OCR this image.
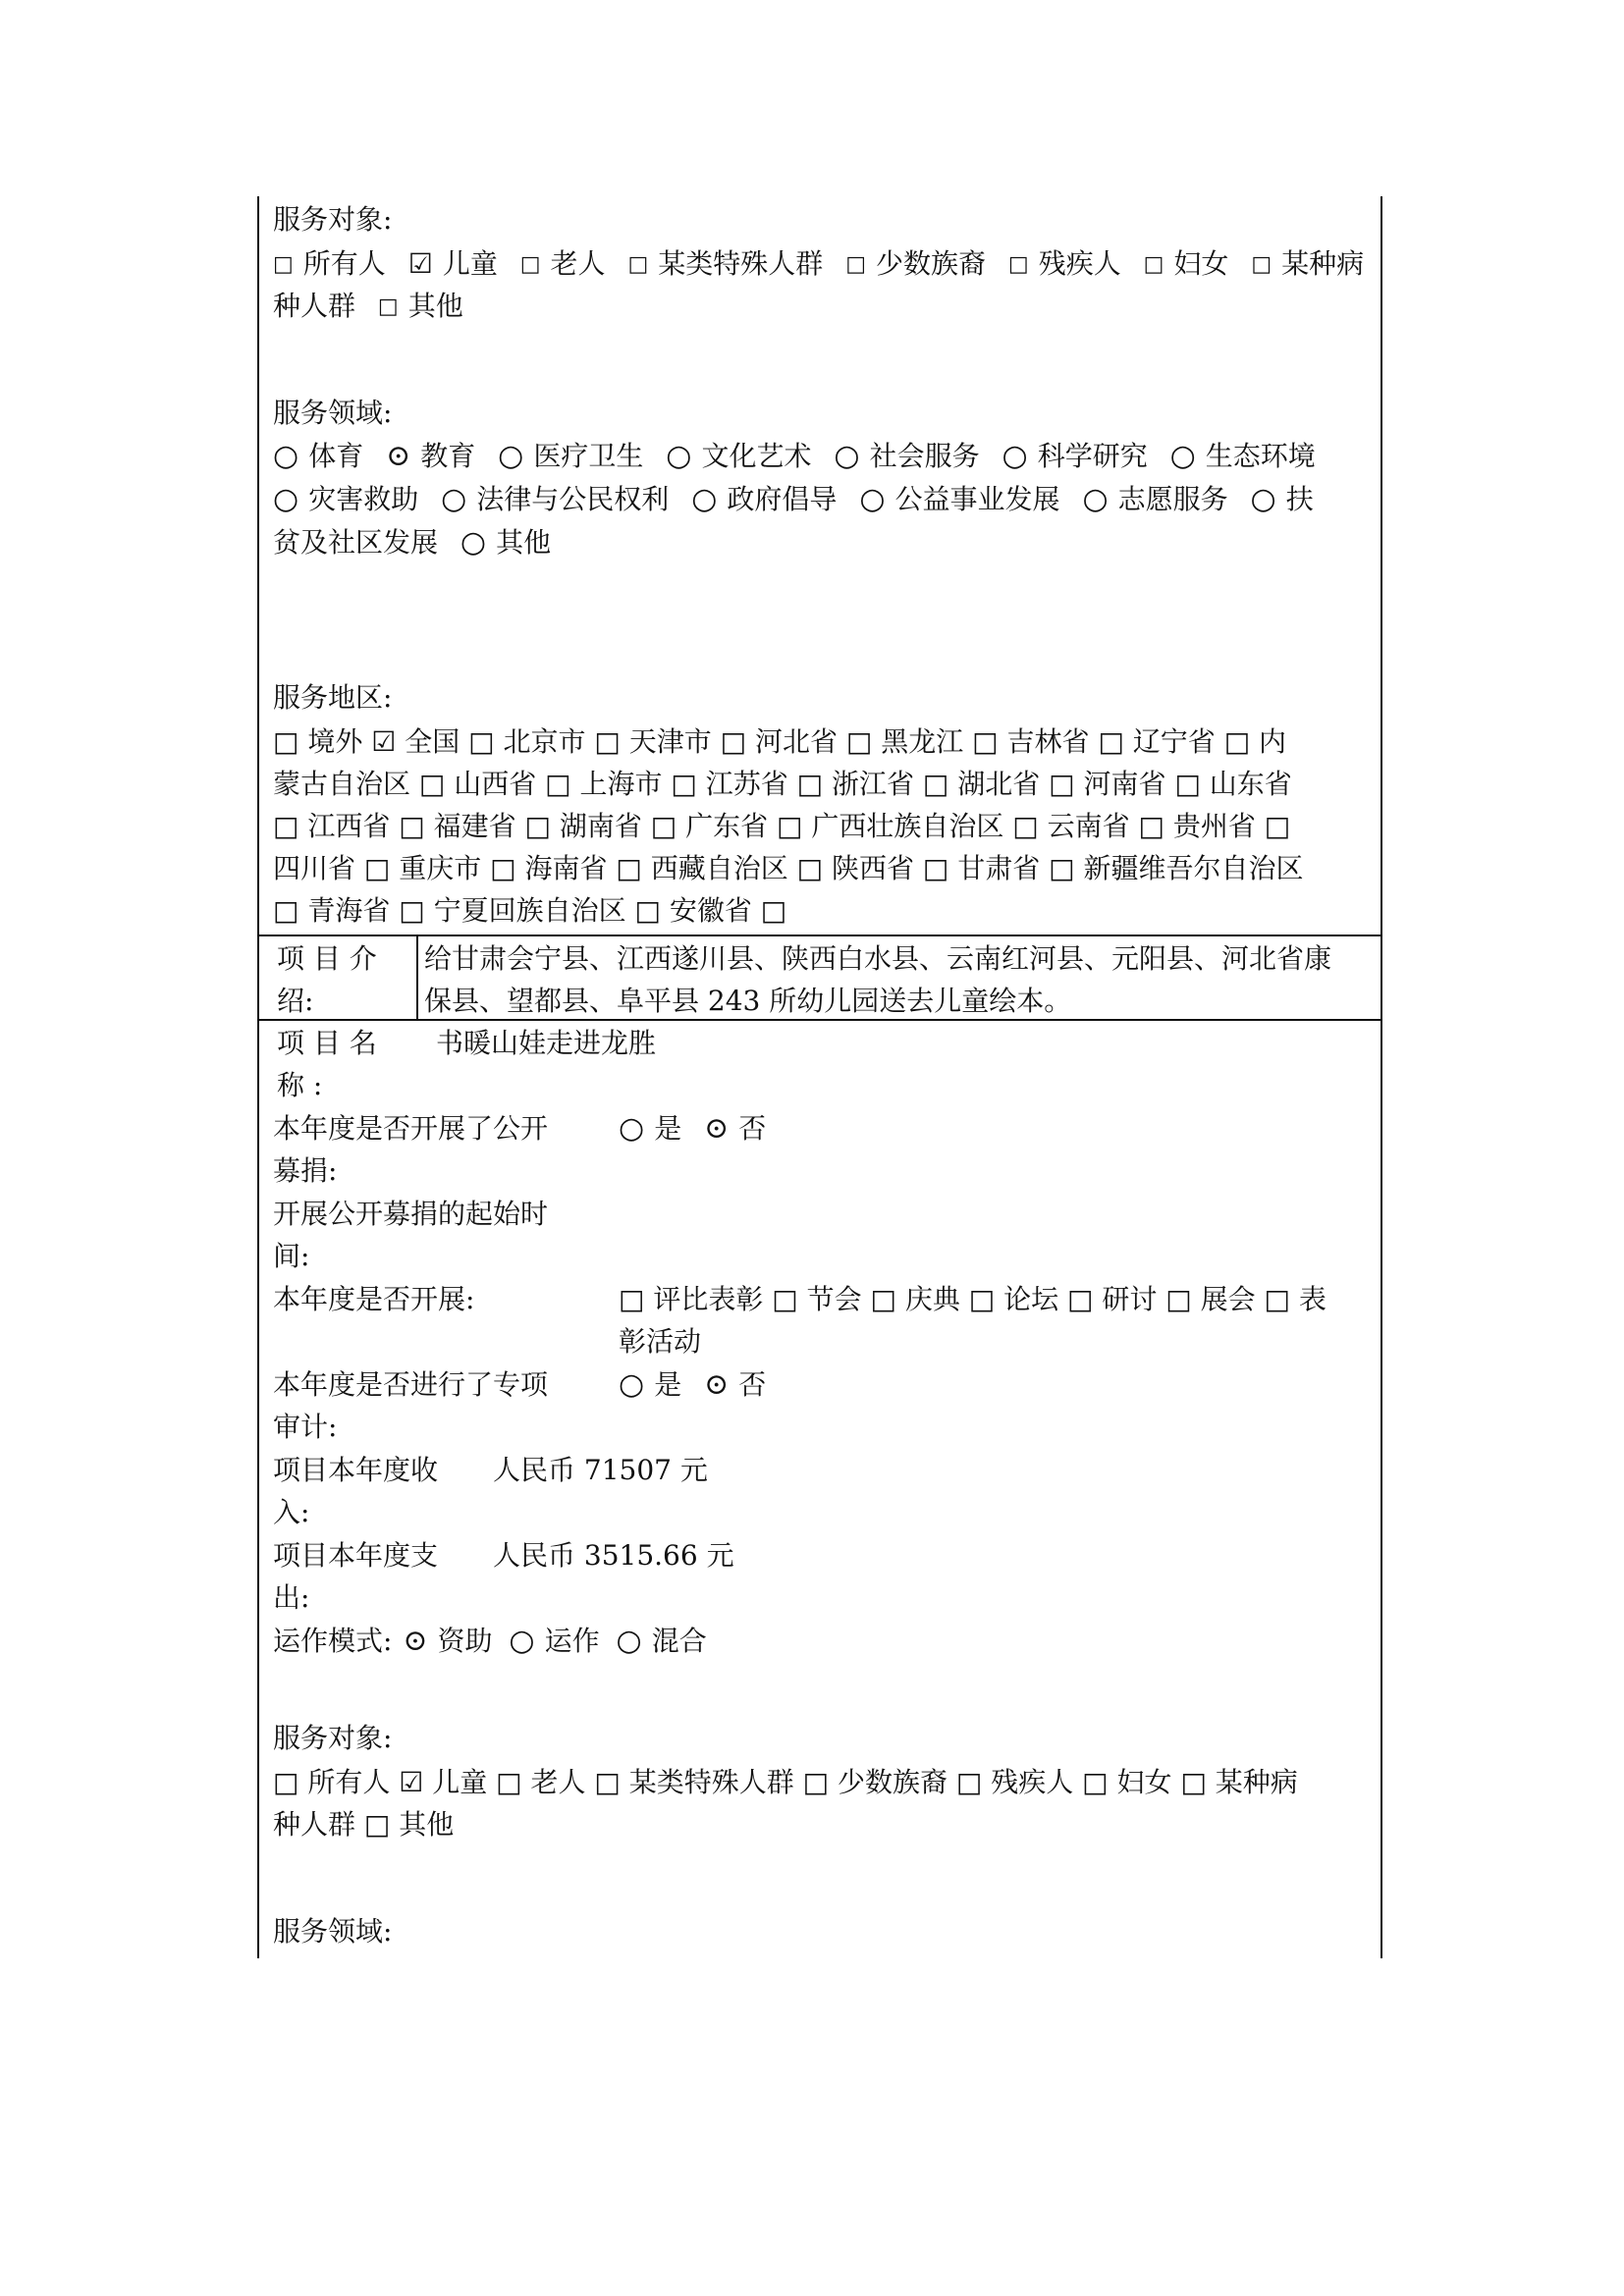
服务对象:
□ 所有人 ☑ 儿童 □ 老人 □ 某类特殊人群 □ 少数族裔 □ 残疾人 □ 妇女 □ 某种病
种人群 □ 其他
服务领域:
○ 体育 ⊙ 教育 ○ 医疗卫生 ○ 文化艺术 ○ 社会服务 ○ 科学研究 ○ 生态环境
○ 灾害救助 ○ 法律与公民权利 ○ 政府倡导 ○ 公益事业发展 ○ 志愿服务 ○ 扶
贫及社区发展 ○ 其他
服务地区:
□ 境外 ☑ 全国 □ 北京市 □ 天津市 □ 河北省 □ 黑龙江 □ 吉林省 □ 辽宁省 □ 内
蒙古自治区 □ 山西省 □ 上海市 □ 江苏省 □ 浙江省 □ 湖北省 □ 河南省 □ 山东省
□ 江西省 □ 福建省 □ 湖南省 □ 广东省 □ 广西壮族自治区 □ 云南省 □ 贵州省 □
四川省 □ 重庆市 □ 海南省 □ 西藏自治区 □ 陕西省 □ 甘肃省 □ 新疆维吾尔自治区
□ 青海省 □ 宁夏回族自治区 □ 安徽省 □
项 目 介
绍:
给甘肃会宁县、江西遂川县、陕西白水县、云南红河县、元阳县、河北省康
保县、望都县、阜平县 243 所幼儿园送去儿童绘本。
项 目 名 书暖山娃走进龙胜
称 :
本年度是否开展了公开 ○ 是 ⊙ 否
募捐:
开展公开募捐的起始时
间:
本年度是否开展:	□ 评比表彰 □ 节会 □ 庆典 □ 论坛 □ 研讨 □ 展会 □ 表
彰活动
本年度是否进行了专项 ○ 是 ⊙ 否
审计:
项目本年度收 人民币 71507 元
入:
项目本年度支 人民币 3515.66 元
出:
运作模式: ⊙ 资助 ○ 运作 ○ 混合
服务对象:
□ 所有人 ☑ 儿童 □ 老人 □ 某类特殊人群 □ 少数族裔 □ 残疾人 □ 妇女 □ 某种病
种人群 □ 其他
服务领域:
